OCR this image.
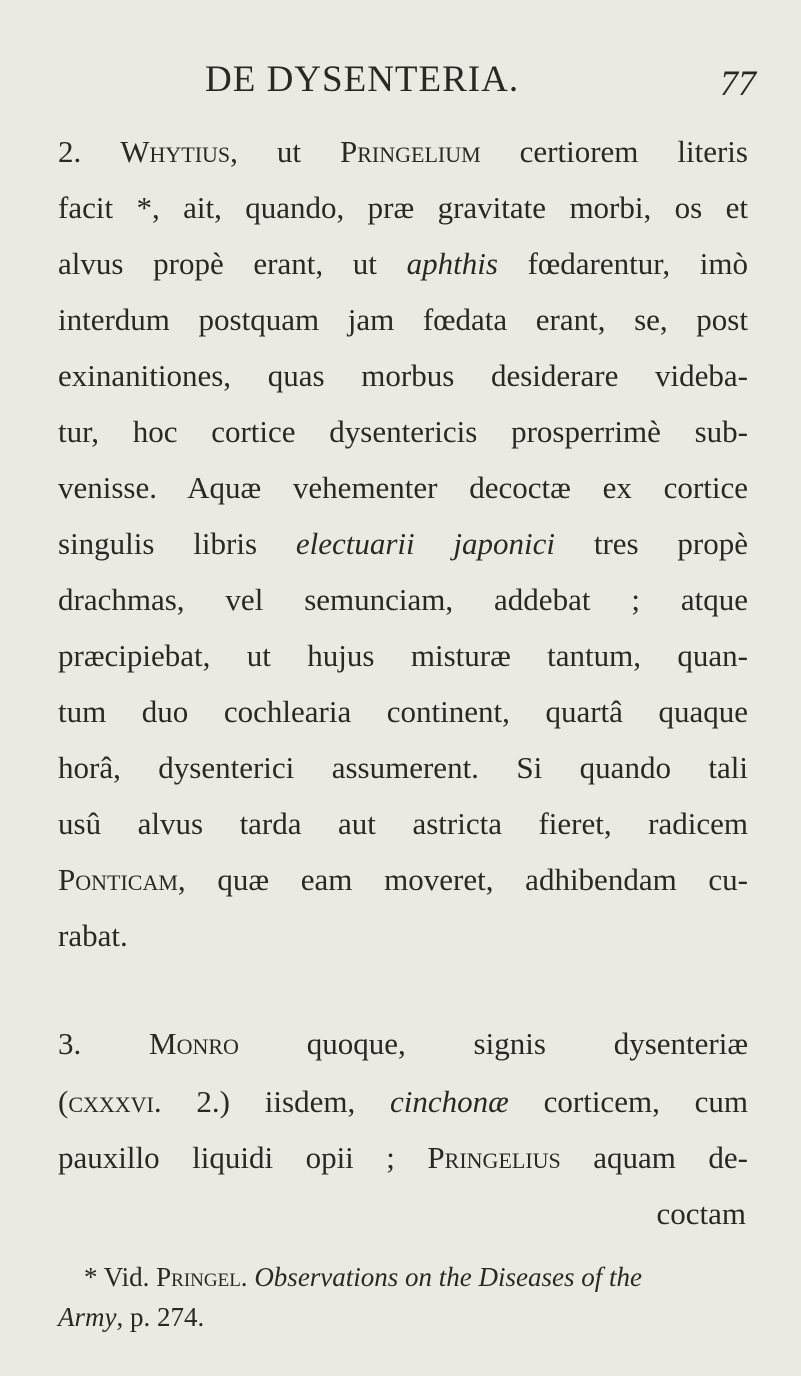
DE DYSENTERIA.	77
2. Whytius, ut Pringelium certiorem literis
facit *, ait, quando, præ gravitate morbi, os et
alvus propè erant, ut aphthis fœdarentur, imò
interdum postquam jam fœdata erant, se, post
exinanitiones, quas morbus desiderare videba-
tur, hoc cortice dysentericis prosperrimè sub-
venisse. Aquæ vehementer decoctæ ex cortice
singulis libris electuarii japonici tres propè
drachmas, vel semunciam, addebat ; atque
præcipiebat, ut hujus misturæ tantum, quan-
tum duo cochlearia continent, quartâ quaque
horâ, dysenterici assumerent. Si quando tali
usû alvus tarda aut astricta fieret, radicem
Ponticam, quæ eam moveret, adhibendam cu-
rabat.
3. Monro quoque, signis dysenteriæ
(cxxxvi. 2.) iisdem, cinchonæ corticem, cum
pauxillo liquidi opii ; Pringelius aquam de-
coctam
* Vid. Pringel. Observations on the Diseases of the
Army, p. 274.
